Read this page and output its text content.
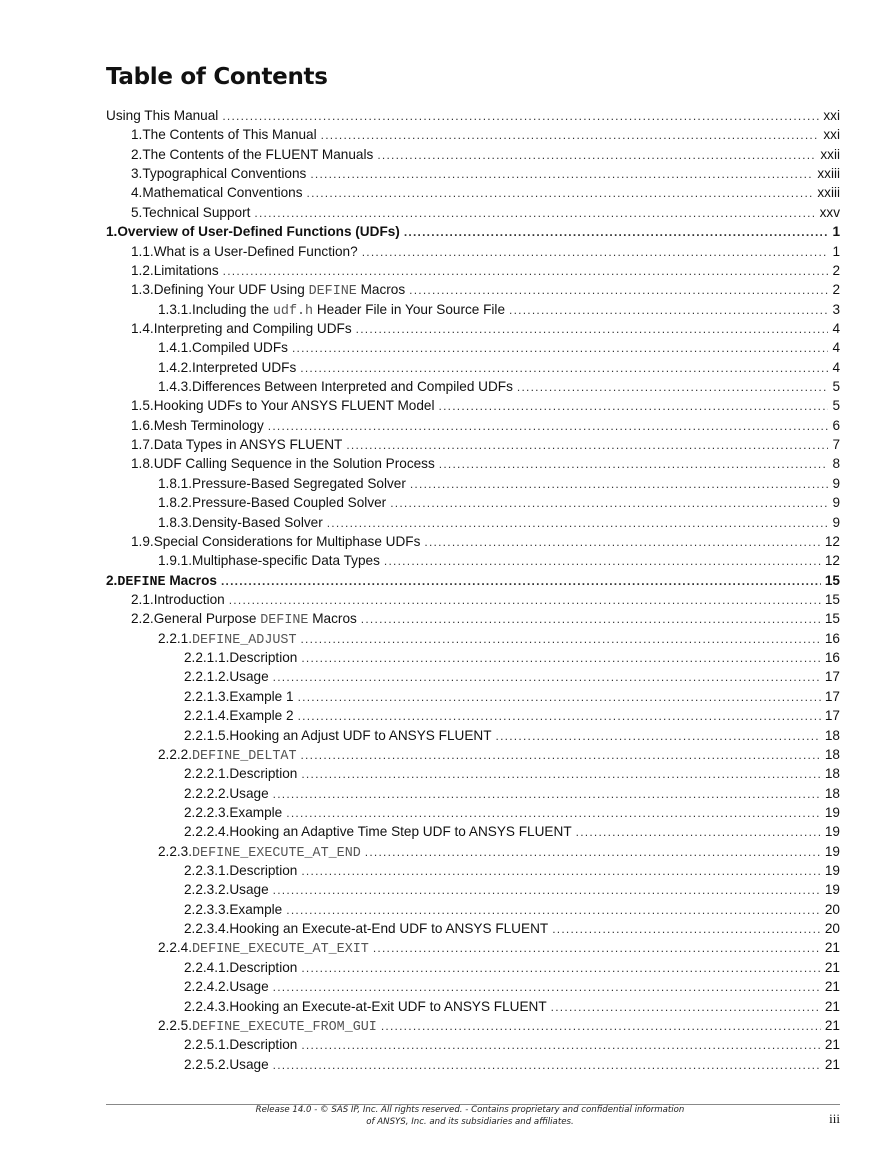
Table of Contents
Using This Manual . . .	xxi
1. The Contents of This Manual . . .	xxi
2. The Contents of the FLUENT Manuals . . .	xxii
3. Typographical Conventions . . .	xxiii
4. Mathematical Conventions . . .	xxiii
5. Technical Support . . .	xxv
1. Overview of User-Defined Functions (UDFs) . . .	1
1.1. What is a User-Defined Function? . . .	1
1.2. Limitations . . .	2
1.3. Defining Your UDF Using DEFINE Macros . . .	2
1.3.1. Including the udf.h Header File in Your Source File . . .	3
1.4. Interpreting and Compiling UDFs . . .	4
1.4.1. Compiled UDFs . . .	4
1.4.2. Interpreted UDFs . . .	4
1.4.3. Differences Between Interpreted and Compiled UDFs . . .	5
1.5. Hooking UDFs to Your ANSYS FLUENT Model . . .	5
1.6. Mesh Terminology . . .	6
1.7. Data Types in ANSYS FLUENT . . .	7
1.8. UDF Calling Sequence in the Solution Process . . .	8
1.8.1. Pressure-Based Segregated Solver . . .	9
1.8.2. Pressure-Based Coupled Solver . . .	9
1.8.3. Density-Based Solver . . .	9
1.9. Special Considerations for Multiphase UDFs . . .	12
1.9.1. Multiphase-specific Data Types . . .	12
2. DEFINE Macros . . .	15
2.1. Introduction . . .	15
2.2. General Purpose DEFINE Macros . . .	15
2.2.1. DEFINE_ADJUST . . .	16
2.2.1.1. Description . . .	16
2.2.1.2. Usage . . .	17
2.2.1.3. Example 1 . . .	17
2.2.1.4. Example 2 . . .	17
2.2.1.5. Hooking an Adjust UDF to ANSYS FLUENT . . .	18
2.2.2. DEFINE_DELTAT . . .	18
2.2.2.1. Description . . .	18
2.2.2.2. Usage . . .	18
2.2.2.3. Example . . .	19
2.2.2.4. Hooking an Adaptive Time Step UDF to ANSYS FLUENT . . .	19
2.2.3. DEFINE_EXECUTE_AT_END . . .	19
2.2.3.1. Description . . .	19
2.2.3.2. Usage . . .	19
2.2.3.3. Example . . .	20
2.2.3.4. Hooking an Execute-at-End UDF to ANSYS FLUENT . . .	20
2.2.4. DEFINE_EXECUTE_AT_EXIT . . .	21
2.2.4.1. Description . . .	21
2.2.4.2. Usage . . .	21
2.2.4.3. Hooking an Execute-at-Exit UDF to ANSYS FLUENT . . .	21
2.2.5. DEFINE_EXECUTE_FROM_GUI . . .	21
2.2.5.1. Description . . .	21
2.2.5.2. Usage . . .	21
Release 14.0 - © SAS IP, Inc. All rights reserved. - Contains proprietary and confidential information
of ANSYS, Inc. and its subsidiaries and affiliates.	iii
